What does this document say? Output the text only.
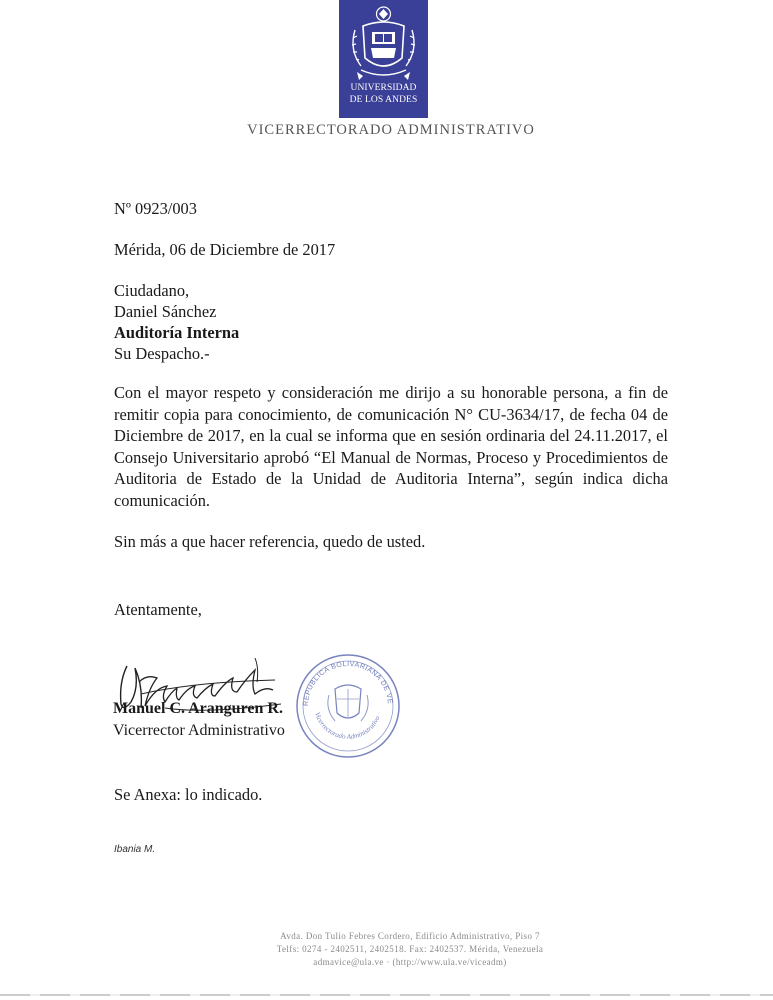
UNIVERSIDAD
DE LOS ANDES
VICERRECTORADO ADMINISTRATIVO
Nº 0923/003
Mérida, 06 de Diciembre de 2017
Ciudadano,
Daniel Sánchez
Auditoría Interna
Su Despacho.-
Con el mayor respeto y consideración me dirijo a su honorable persona, a fin de remitir copia para conocimiento, de comunicación N° CU-3634/17, de fecha 04 de Diciembre de 2017, en la cual se informa que en sesión ordinaria del 24.11.2017, el Consejo Universitario aprobó “El Manual de Normas, Proceso y Procedimientos de Auditoria de Estado de la Unidad de Auditoria Interna”, según indica dicha comunicación.
Sin más a que hacer referencia, quedo de usted.
Atentamente,
Manuel C. Aranguren R.
Vicerrector Administrativo
REPUBLICA BOLIVARIANA DE VE
Vicerrectorado Administrativo
Se Anexa: lo indicado.
Ibania M.
Avda. Don Tulio Febres Cordero, Edificio Administrativo, Piso 7
Telfs: 0274 - 2402511, 2402518. Fax: 2402537. Mérida, Venezuela
admavice@ula.ve · (http://www.ula.ve/viceadm)
